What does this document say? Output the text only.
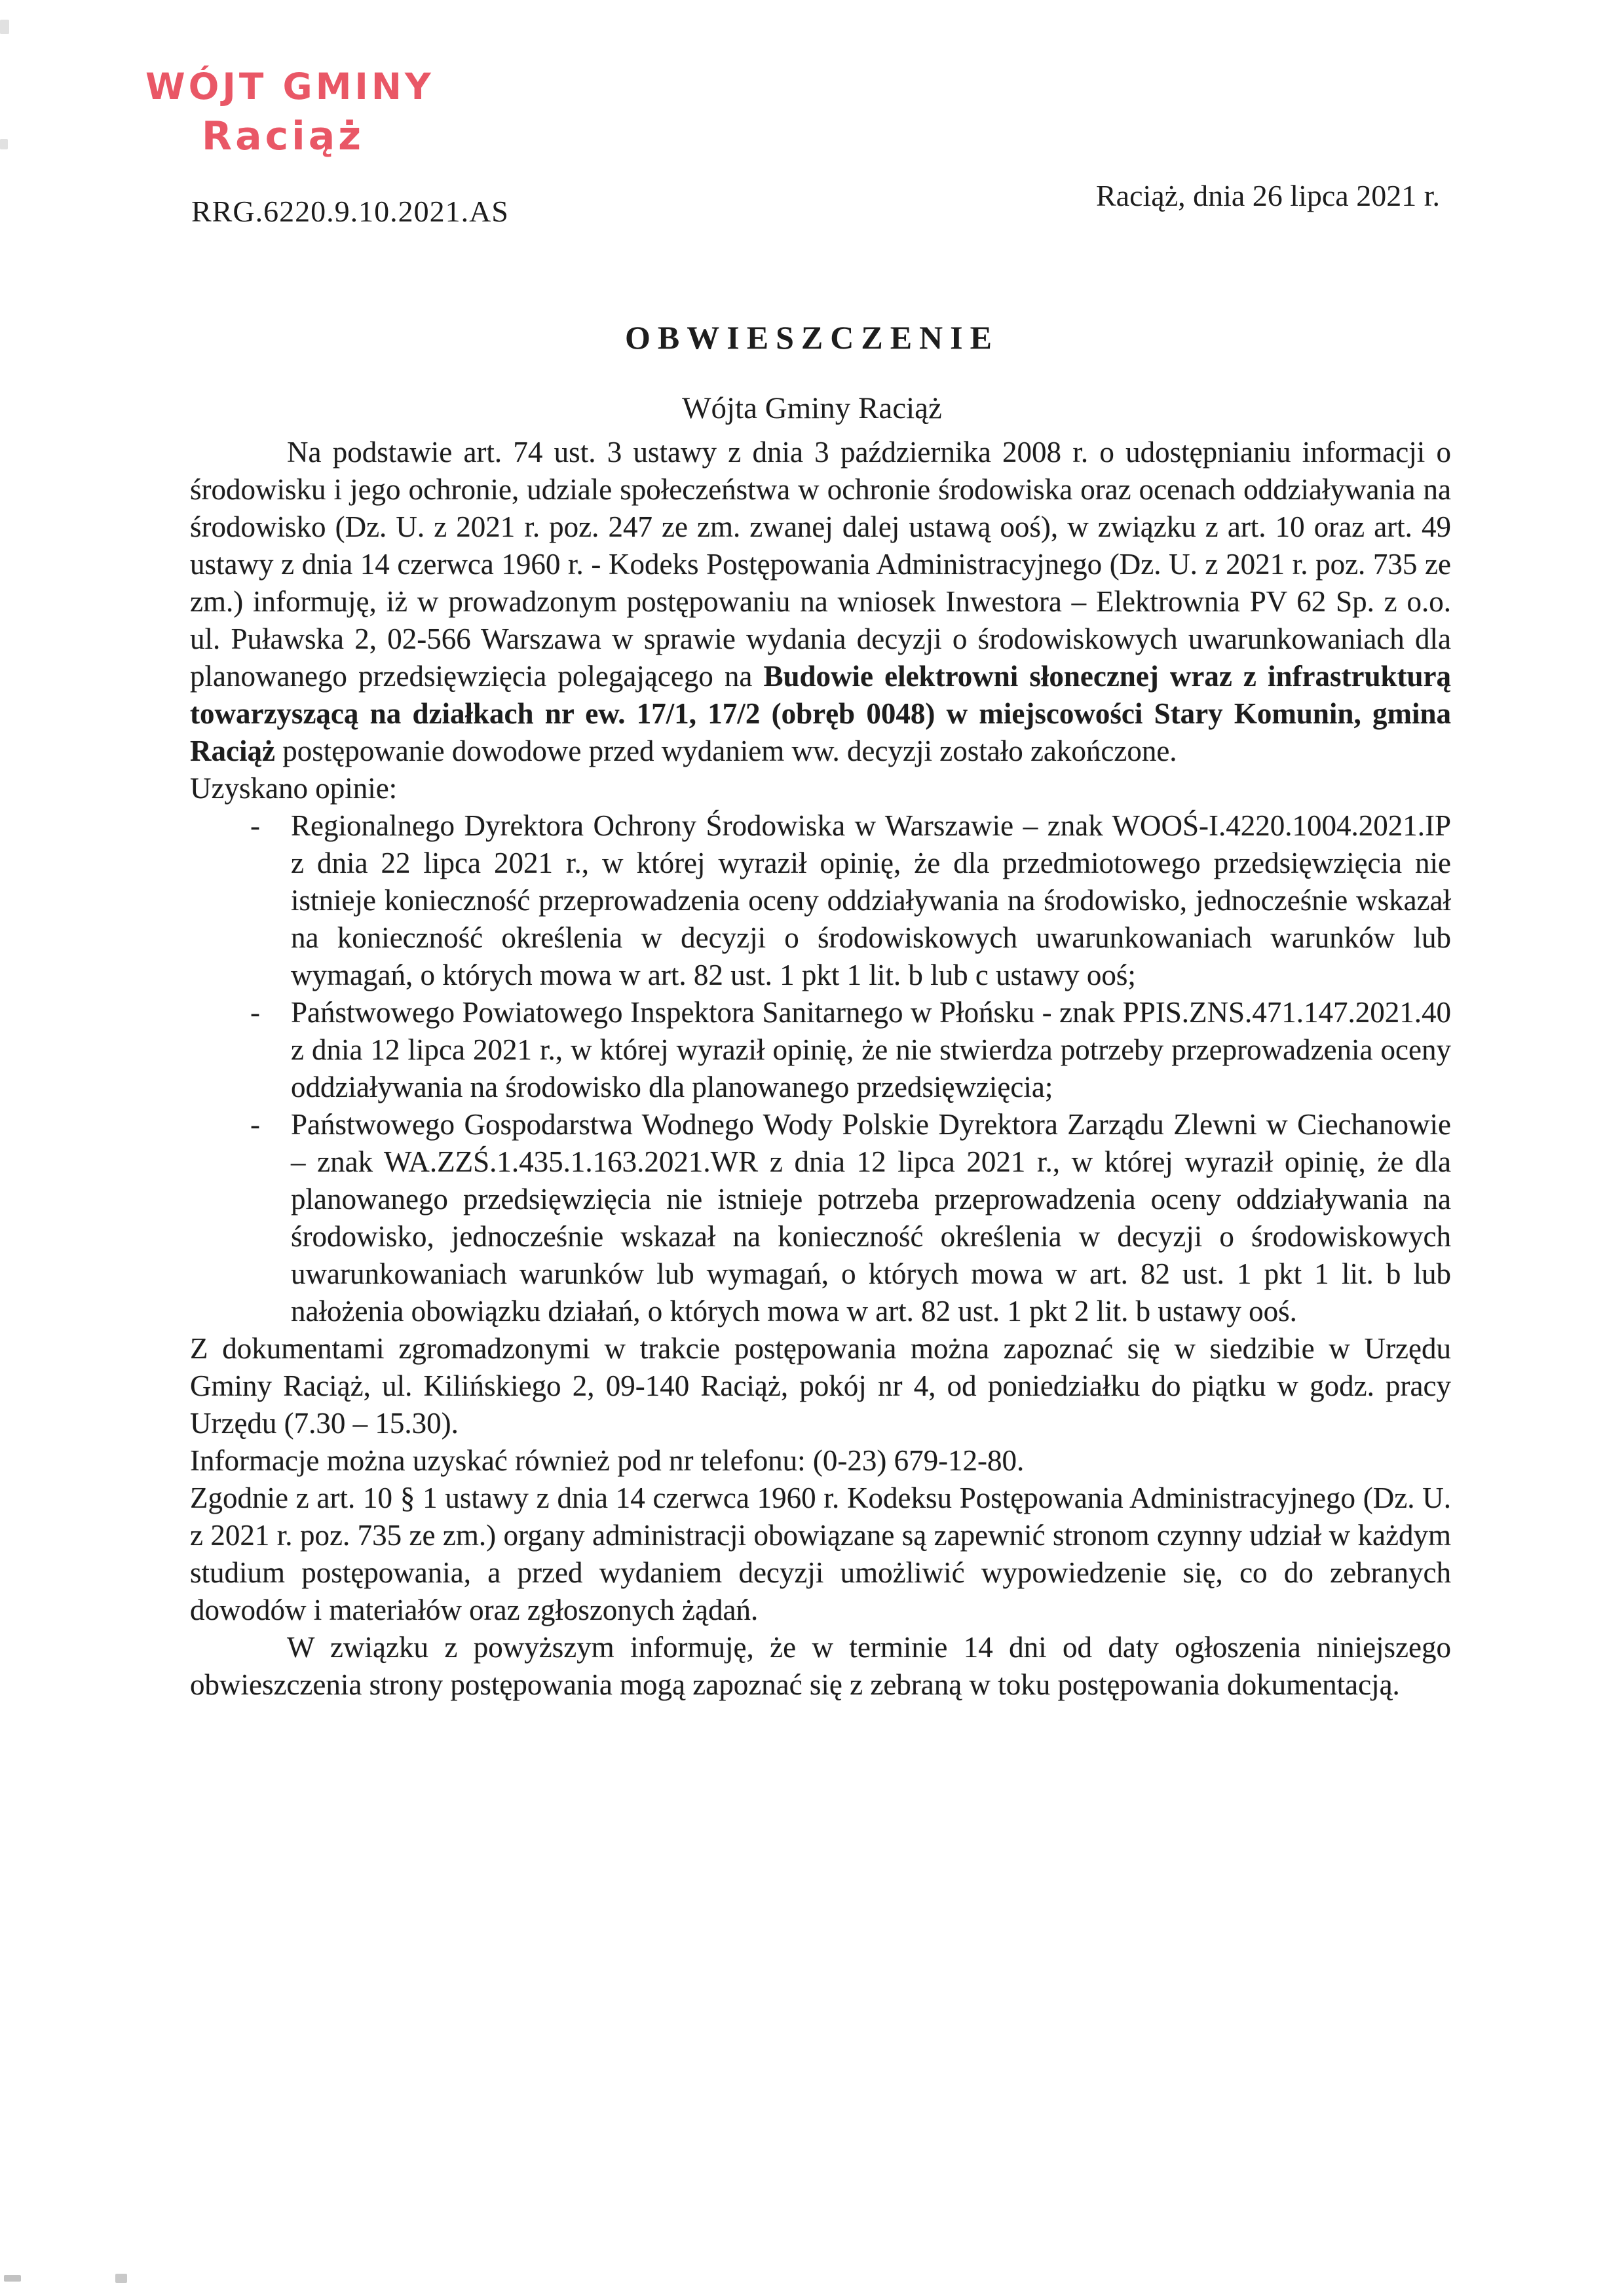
WÓJT GMINY
Raciąż
RRG.6220.9.10.2021.AS	Raciąż, dnia 26 lipca 2021 r.
OBWIESZCZENIE
Wójta Gminy Raciąż

Na podstawie art. 74 ust. 3 ustawy z dnia 3 października 2008 r. o udostępnianiu informacji o środowisku i jego ochronie, udziale społeczeństwa w ochronie środowiska oraz ocenach oddziaływania na środowisko (Dz. U. z 2021 r. poz. 247 ze zm. zwanej dalej ustawą ooś), w związku z art. 10 oraz art. 49 ustawy z dnia 14 czerwca 1960 r. - Kodeks Postępowania Administracyjnego (Dz. U. z 2021 r. poz. 735 ze zm.) informuję, iż w prowadzonym postępowaniu na wniosek Inwestora – Elektrownia PV 62 Sp. z o.o. ul. Puławska 2, 02-566 Warszawa w sprawie wydania decyzji o środowiskowych uwarunkowaniach dla planowanego przedsięwzięcia polegającego na Budowie elektrowni słonecznej wraz z infrastrukturą towarzyszącą na działkach nr ew. 17/1, 17/2 (obręb 0048) w miejscowości Stary Komunin, gmina Raciąż postępowanie dowodowe przed wydaniem ww. decyzji zostało zakończone.

Uzyskano opinie:

- Regionalnego Dyrektora Ochrony Środowiska w Warszawie – znak WOOŚ-I.4220.1004.2021.IP z dnia 22 lipca 2021 r., w której wyraził opinię, że dla przedmiotowego przedsięwzięcia nie istnieje konieczność przeprowadzenia oceny oddziaływania na środowisko, jednocześnie wskazał na konieczność określenia w decyzji o środowiskowych uwarunkowaniach warunków lub wymagań, o których mowa w art. 82 ust. 1 pkt 1 lit. b lub c ustawy ooś;
- Państwowego Powiatowego Inspektora Sanitarnego w Płońsku - znak PPIS.ZNS.471.147.2021.40 z dnia 12 lipca 2021 r., w której wyraził opinię, że nie stwierdza potrzeby przeprowadzenia oceny oddziaływania na środowisko dla planowanego przedsięwzięcia;
- Państwowego Gospodarstwa Wodnego Wody Polskie Dyrektora Zarządu Zlewni w Ciechanowie – znak WA.ZZŚ.1.435.1.163.2021.WR z dnia 12 lipca 2021 r., w której wyraził opinię, że dla planowanego przedsięwzięcia nie istnieje potrzeba przeprowadzenia oceny oddziaływania na środowisko, jednocześnie wskazał na konieczność określenia w decyzji o środowiskowych uwarunkowaniach warunków lub wymagań, o których mowa w art. 82 ust. 1 pkt 1 lit. b lub nałożenia obowiązku działań, o których mowa w art. 82 ust. 1 pkt 2 lit. b ustawy ooś.

Z dokumentami zgromadzonymi w trakcie postępowania można zapoznać się w siedzibie w Urzędu Gminy Raciąż, ul. Kilińskiego 2, 09-140 Raciąż, pokój nr 4, od poniedziałku do piątku w godz. pracy Urzędu (7.30 – 15.30).

Informacje można uzyskać również pod nr telefonu: (0-23) 679-12-80.

Zgodnie z art. 10 § 1 ustawy z dnia 14 czerwca 1960 r. Kodeksu Postępowania Administracyjnego (Dz. U. z 2021 r. poz. 735 ze zm.) organy administracji obowiązane są zapewnić stronom czynny udział w każdym studium postępowania, a przed wydaniem decyzji umożliwić wypowiedzenie się, co do zebranych dowodów i materiałów oraz zgłoszonych żądań.

W związku z powyższym informuję, że w terminie 14 dni od daty ogłoszenia niniejszego obwieszczenia strony postępowania mogą zapoznać się z zebraną w toku postępowania dokumentacją.
